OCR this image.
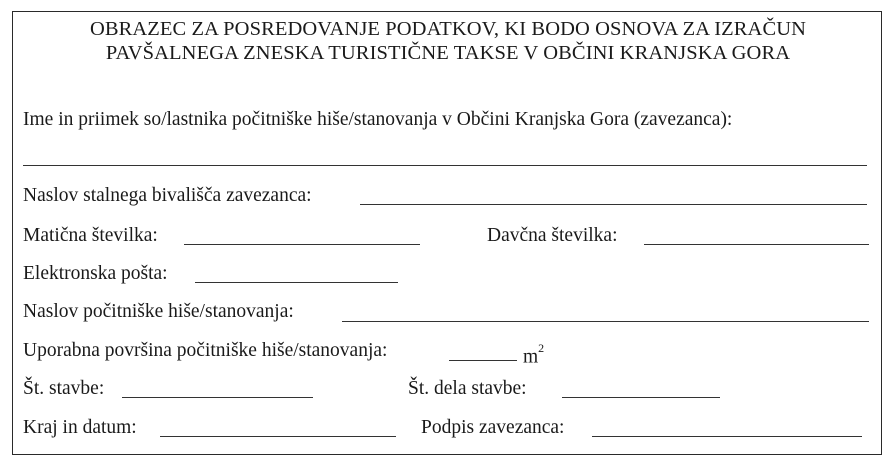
OBRAZEC ZA POSREDOVANJE PODATKOV, KI BODO OSNOVA ZA IZRAČUN
PAVŠALNEGA ZNESKA TURISTIČNE TAKSE V OBČINI KRANJSKA GORA
Ime in priimek so/lastnika počitniške hiše/stanovanja v Občini Kranjska Gora (zavezanca):
Naslov stalnega bivališča zavezanca:
Matična številka:	Davčna številka:
Elektronska pošta:
Naslov počitniške hiše/stanovanja:
Uporabna površina počitniške hiše/stanovanja:	$m^2$
Št. stavbe:	Št. dela stavbe:
Kraj in datum:	Podpis zavezanca:
